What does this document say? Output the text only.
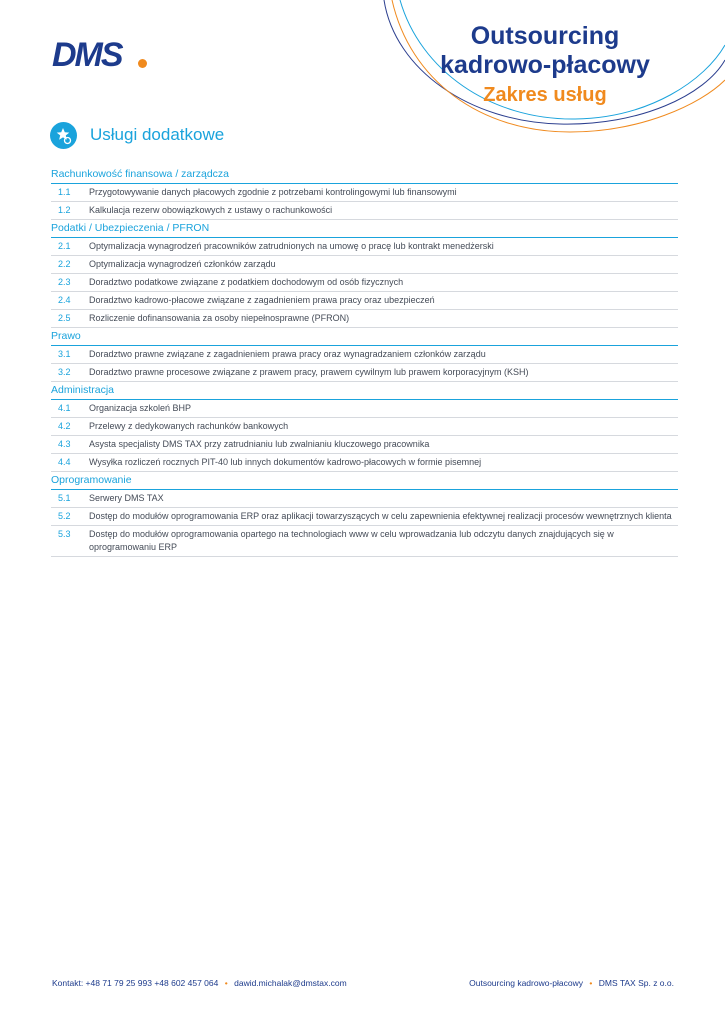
DMS	Outsourcing
kadrowo-płacowy
Zakres usług
Usługi dodatkowe
Rachunkowość finansowa / zarządcza
1.1	Przygotowywanie danych płacowych zgodnie z potrzebami kontrolingowymi lub finansowymi
1.2	Kalkulacja rezerw obowiązkowych z ustawy o rachunkowości
Podatki / Ubezpieczenia / PFRON
2.1	Optymalizacja wynagrodzeń pracowników zatrudnionych na umowę o pracę lub kontrakt menedżerski
2.2	Optymalizacja wynagrodzeń członków zarządu
2.3	Doradztwo podatkowe związane z podatkiem dochodowym od osób fizycznych
2.4	Doradztwo kadrowo-płacowe związane z zagadnieniem prawa pracy oraz ubezpieczeń
2.5	Rozliczenie dofinansowania za osoby niepełnosprawne (PFRON)
Prawo
3.1	Doradztwo prawne związane z zagadnieniem prawa pracy oraz wynagradzaniem członków zarządu
3.2	Doradztwo prawne procesowe związane z prawem pracy, prawem cywilnym lub prawem korporacyjnym (KSH)
Administracja
4.1	Organizacja szkoleń BHP
4.2	Przelewy z dedykowanych rachunków bankowych
4.3	Asysta specjalisty DMS TAX przy zatrudnianiu lub zwalnianiu kluczowego pracownika
4.4	Wysyłka rozliczeń rocznych PIT-40 lub innych dokumentów kadrowo-płacowych w formie pisemnej
Oprogramowanie
5.1	Serwery DMS TAX
5.2	Dostęp do modułów oprogramowania ERP oraz aplikacji towarzyszących w celu zapewnienia efektywnej realizacji procesów wewnętrznych klienta
5.3	Dostęp do modułów oprogramowania opartego na technologiach www w celu wprowadzania lub odczytu danych znajdujących się w oprogramowaniu ERP
Kontakt: +48 71 79 25 993 +48 602 457 064 • dawid.michalak@dmstax.com	Outsourcing kadrowo-płacowy • DMS TAX Sp. z o.o.
